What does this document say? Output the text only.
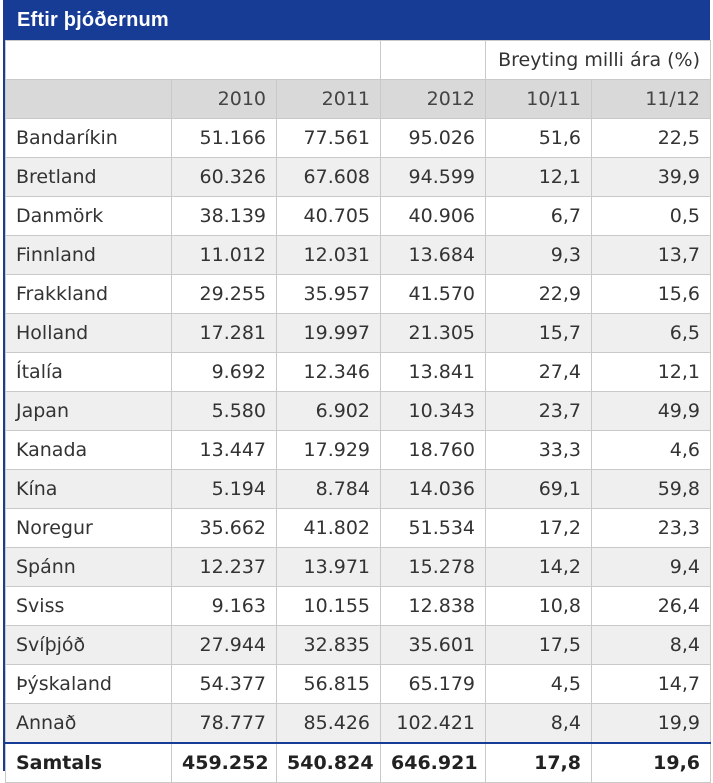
Eftir þjóðernum
				Breyting milli ára (%)	
	2010	2011	2012	10/11	11/12
Bandaríkin	51.166	77.561	95.026	51,6	22,5
Bretland	60.326	67.608	94.599	12,1	39,9
Danmörk	38.139	40.705	40.906	6,7	0,5
Finnland	11.012	12.031	13.684	9,3	13,7
Frakkland	29.255	35.957	41.570	22,9	15,6
Holland	17.281	19.997	21.305	15,7	6,5
Ítalía	9.692	12.346	13.841	27,4	12,1
Japan	5.580	6.902	10.343	23,7	49,9
Kanada	13.447	17.929	18.760	33,3	4,6
Kína	5.194	8.784	14.036	69,1	59,8
Noregur	35.662	41.802	51.534	17,2	23,3
Spánn	12.237	13.971	15.278	14,2	9,4
Sviss	9.163	10.155	12.838	10,8	26,4
Svíþjóð	27.944	32.835	35.601	17,5	8,4
Þýskaland	54.377	56.815	65.179	4,5	14,7
Annað	78.777	85.426	102.421	8,4	19,9
Samtals	459.252	540.824	646.921	17,8	19,6
